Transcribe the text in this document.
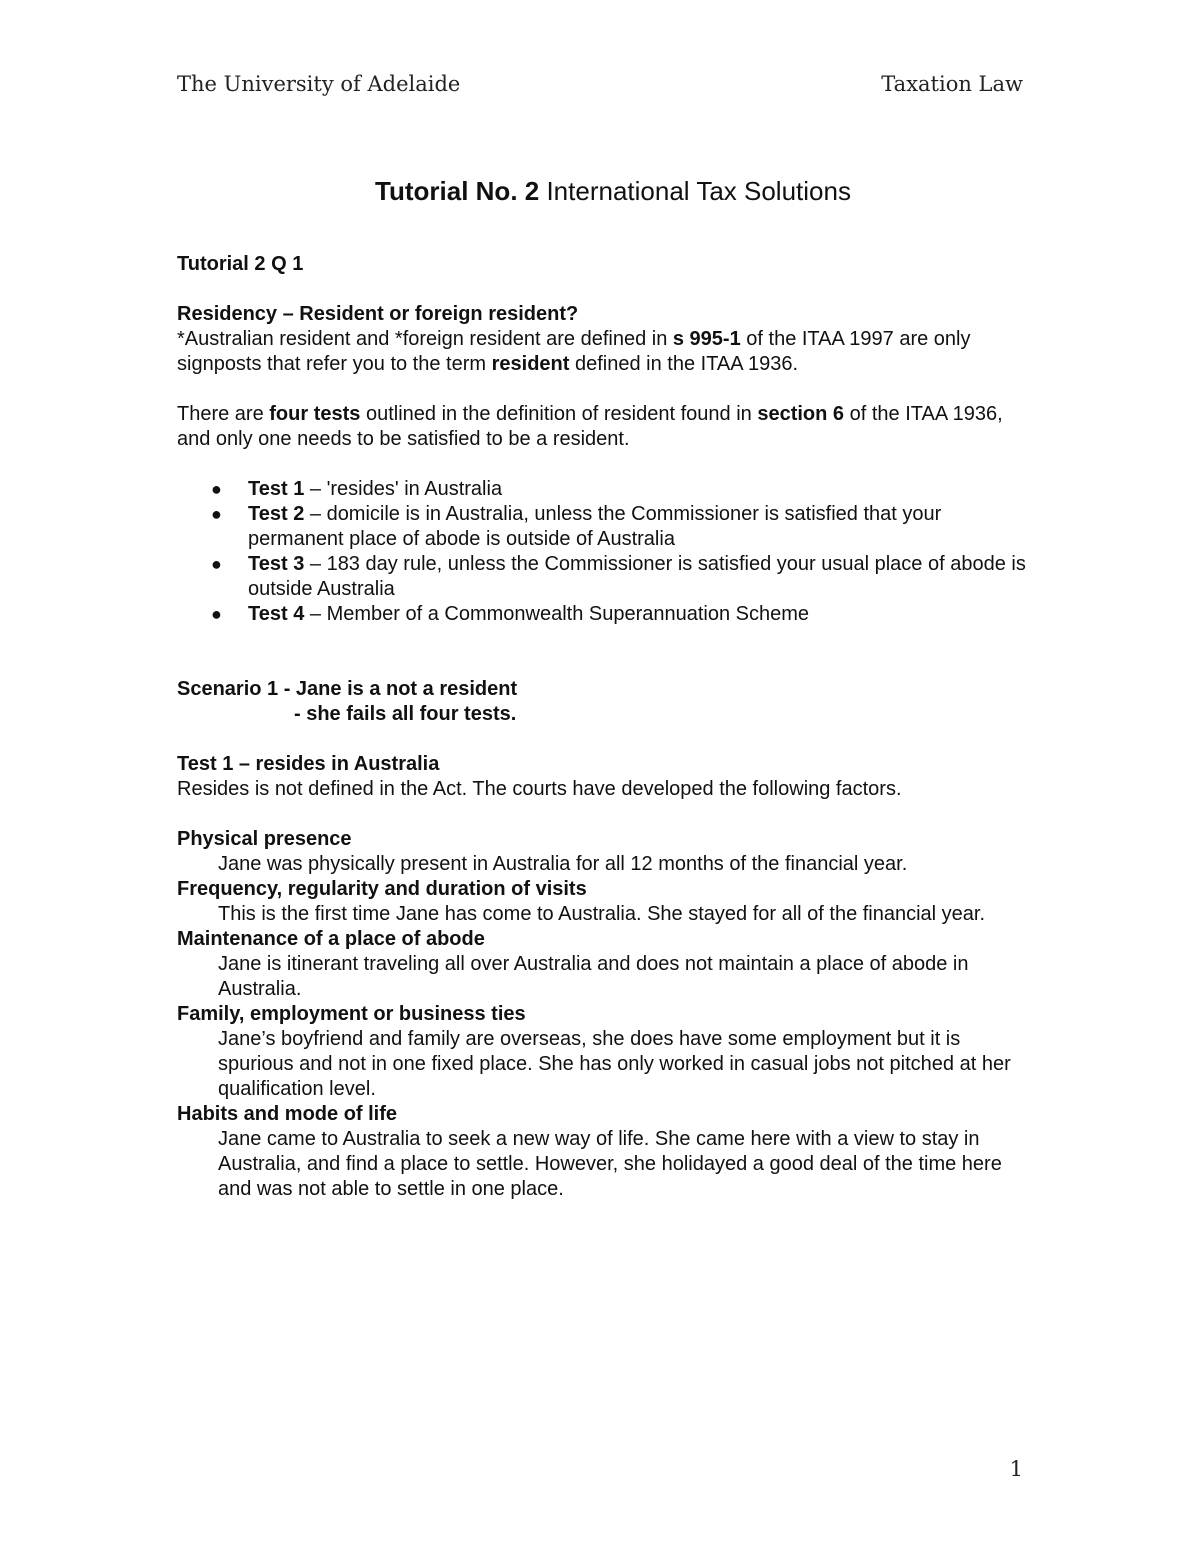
The University of Adelaide	Taxation Law
Tutorial No. 2 International Tax Solutions

Tutorial 2 Q 1

Residency – Resident or foreign resident?

*Australian resident and *foreign resident are defined in s 995-1 of the ITAA 1997 are only signposts that refer you to the term resident defined in the ITAA 1936.

There are four tests outlined in the definition of resident found in section 6 of the ITAA 1936, and only one needs to be satisfied to be a resident.

● Test 1 – 'resides' in Australia
● Test 2 – domicile is in Australia, unless the Commissioner is satisfied that your permanent place of abode is outside of Australia
● Test 3 – 183 day rule, unless the Commissioner is satisfied your usual place of abode is outside Australia
● Test 4 – Member of a Commonwealth Superannuation Scheme

Scenario 1 - Jane is a not a resident

- she fails all four tests.

Test 1 – resides in Australia

Resides is not defined in the Act. The courts have developed the following factors.

Physical presence

Jane was physically present in Australia for all 12 months of the financial year.

Frequency, regularity and duration of visits

This is the first time Jane has come to Australia. She stayed for all of the financial year.

Maintenance of a place of abode

Jane is itinerant traveling all over Australia and does not maintain a place of abode in Australia.

Family, employment or business ties

Jane’s boyfriend and family are overseas, she does have some employment but it is spurious and not in one fixed place. She has only worked in casual jobs not pitched at her qualification level.

Habits and mode of life

Jane came to Australia to seek a new way of life. She came here with a view to stay in Australia, and find a place to settle. However, she holidayed a good deal of the time here and was not able to settle in one place.

1
